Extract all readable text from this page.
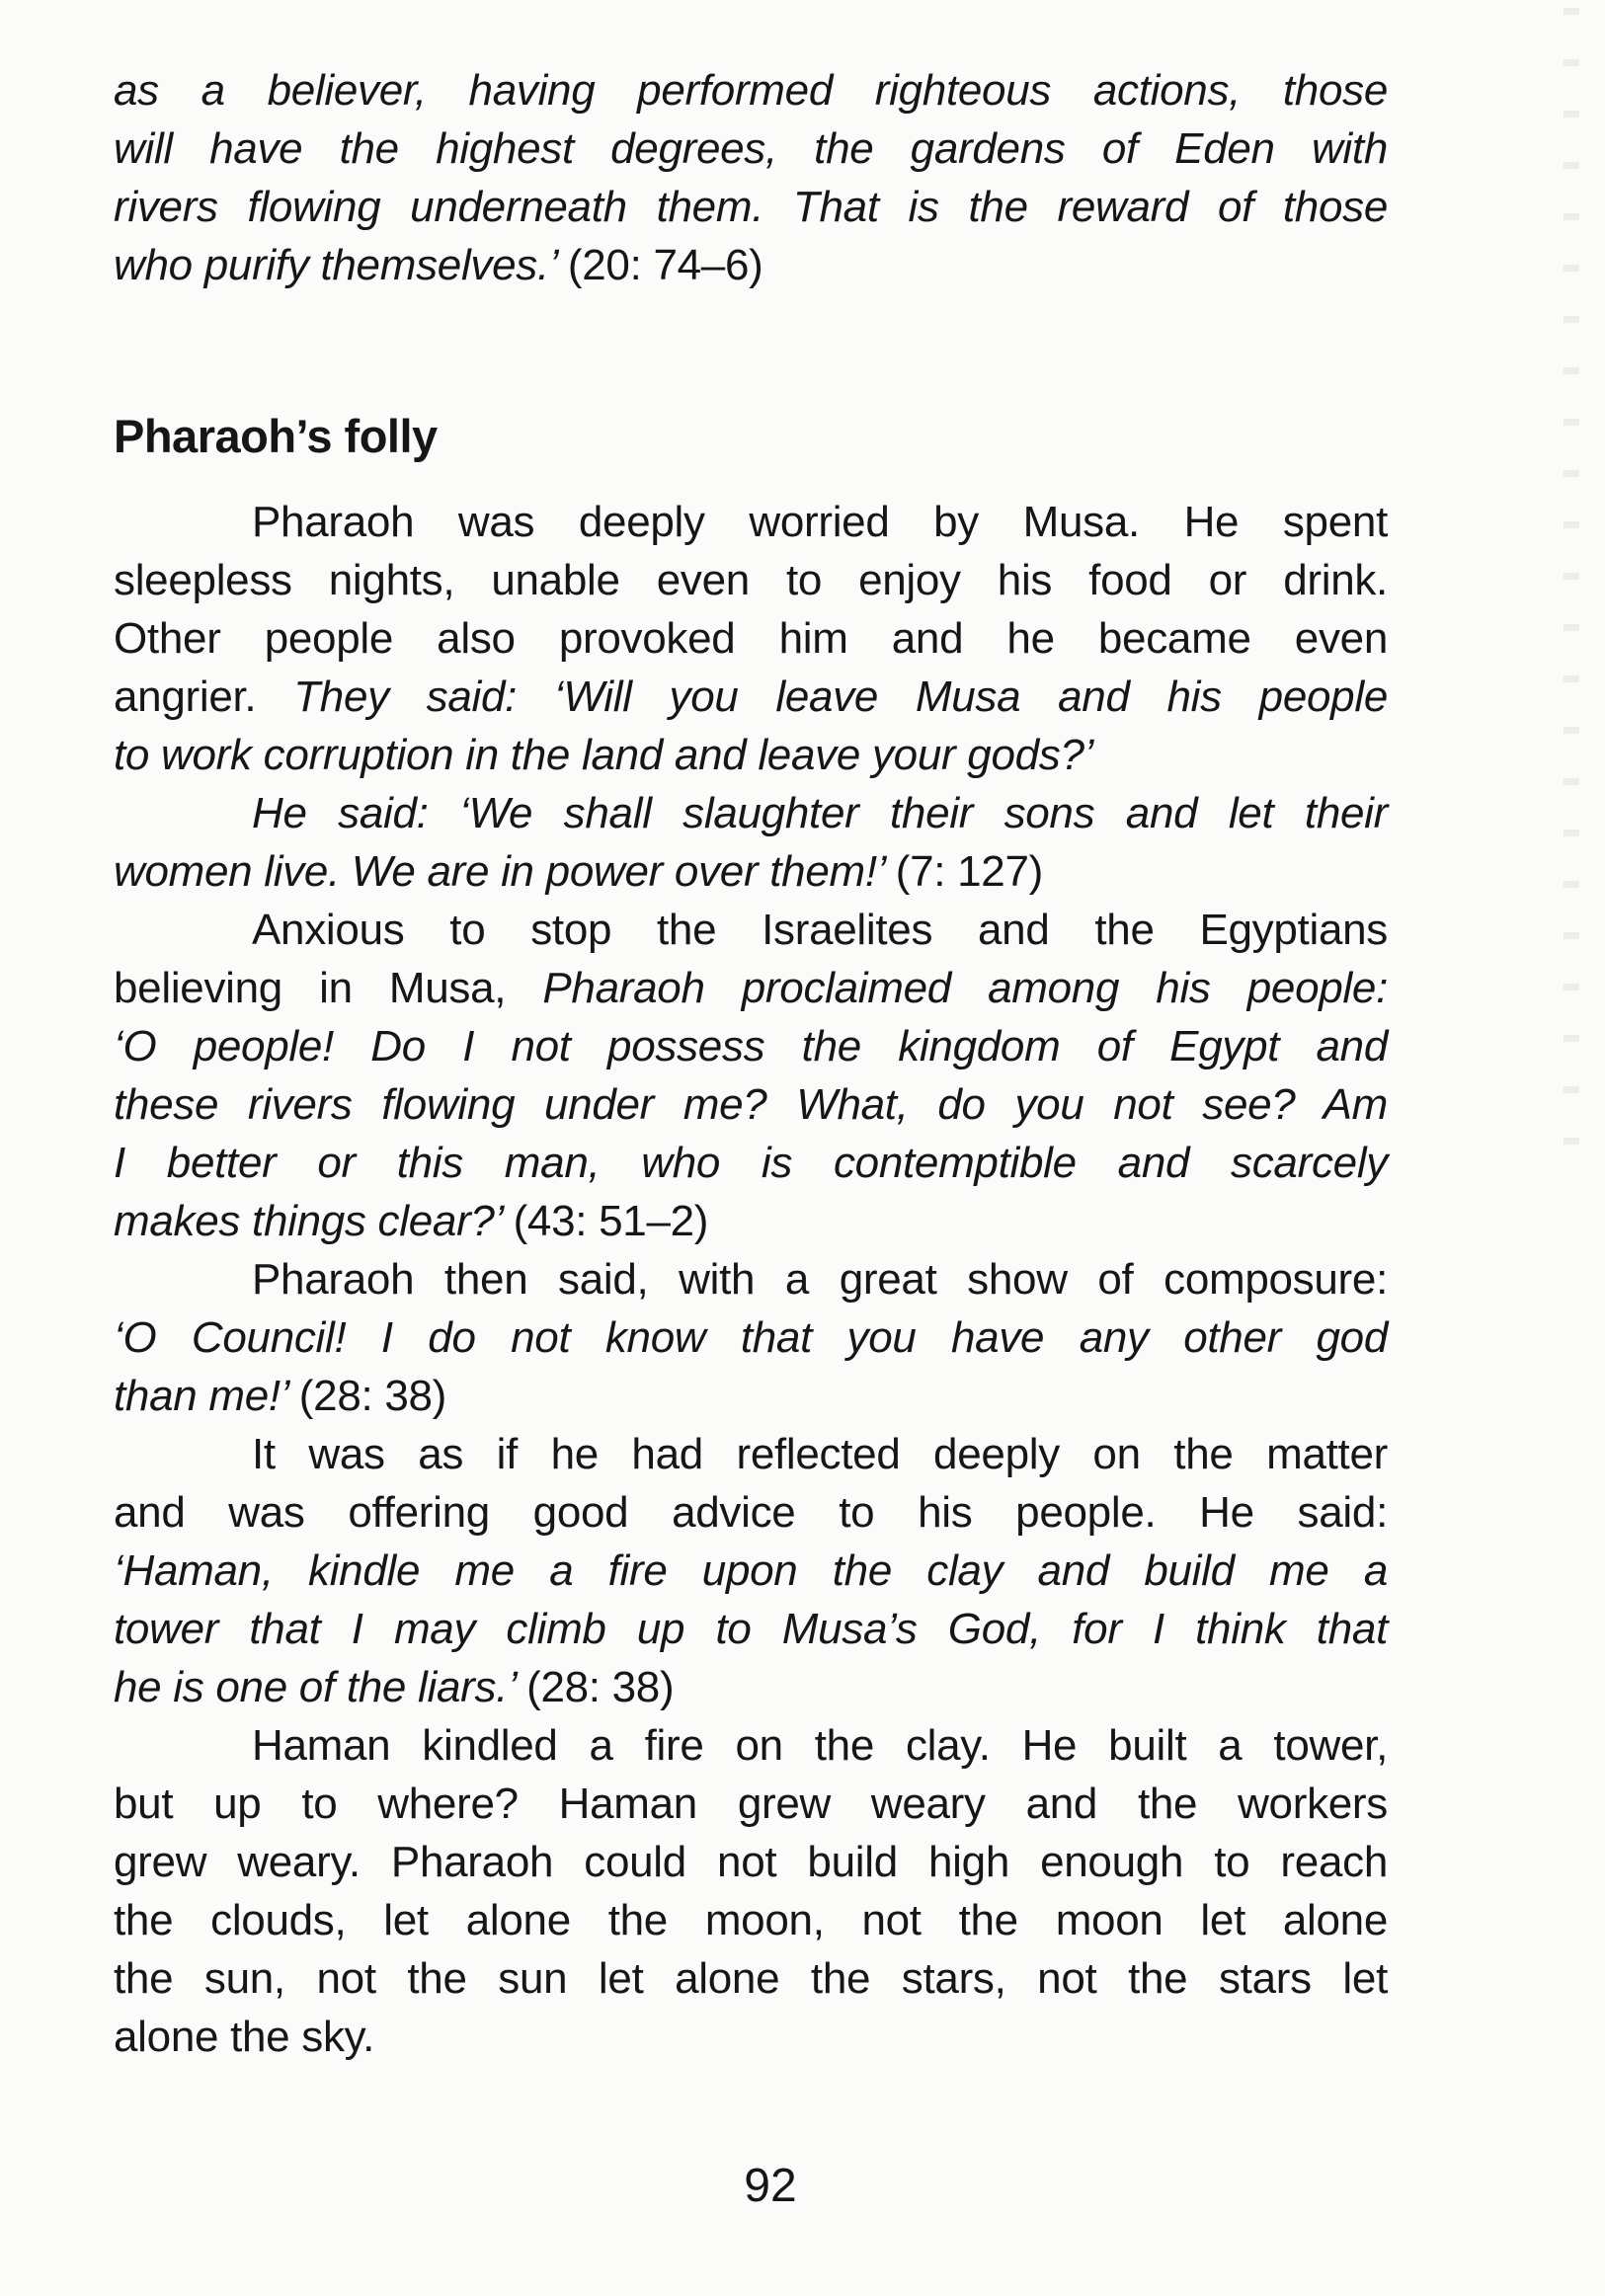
as a believer, having performed righteous actions, those
will have the highest degrees, the gardens of Eden with
rivers flowing underneath them. That is the reward of those
who purify themselves.’ (20: 74–6)
Pharaoh’s folly
Pharaoh was deeply worried by Musa. He spent
sleepless nights, unable even to enjoy his food or drink.
Other people also provoked him and he became even
angrier. They said: ‘Will you leave Musa and his people
to work corruption in the land and leave your gods?’
He said: ‘We shall slaughter their sons and let their
women live. We are in power over them!’ (7: 127)
Anxious to stop the Israelites and the Egyptians
believing in Musa, Pharaoh proclaimed among his people:
‘O people! Do I not possess the kingdom of Egypt and
these rivers flowing under me? What, do you not see? Am
I better or this man, who is contemptible and scarcely
makes things clear?’ (43: 51–2)
Pharaoh then said, with a great show of composure:
‘O Council! I do not know that you have any other god
than me!’ (28: 38)
It was as if he had reflected deeply on the matter
and was offering good advice to his people. He said:
‘Haman, kindle me a fire upon the clay and build me a
tower that I may climb up to Musa’s God, for I think that
he is one of the liars.’ (28: 38)
Haman kindled a fire on the clay. He built a tower,
but up to where? Haman grew weary and the workers
grew weary. Pharaoh could not build high enough to reach
the clouds, let alone the moon, not the moon let alone
the sun, not the sun let alone the stars, not the stars let
alone the sky.
92
